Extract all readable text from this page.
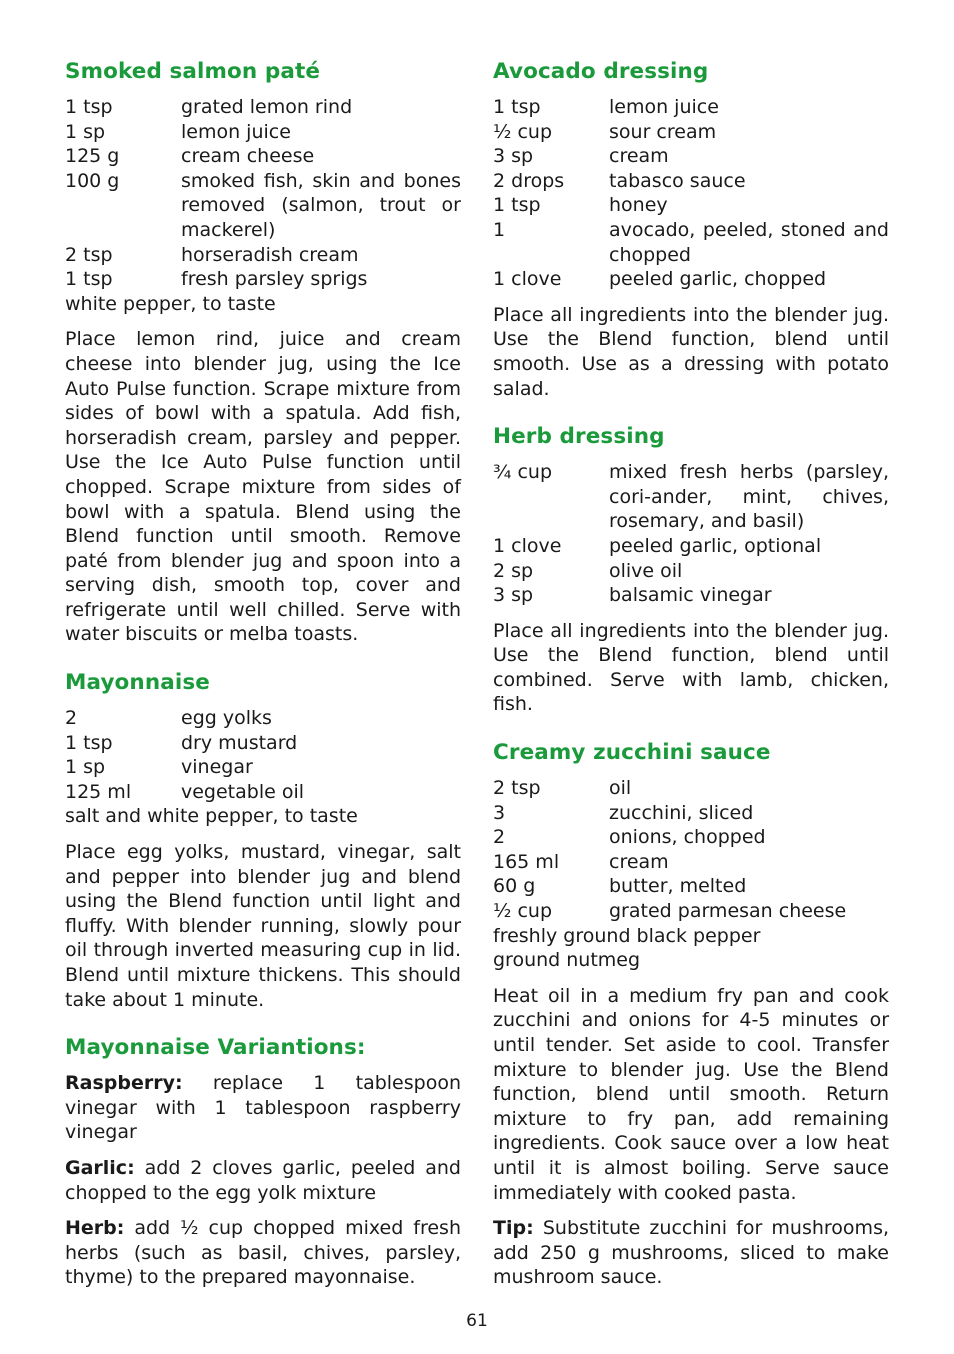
Smoked salmon paté
1 tsp	grated lemon rind
1 sp	lemon juice
125 g	cream cheese
100 g	smoked fish, skin and bones removed (salmon, trout or mackerel)
2 tsp	horseradish cream
1 tsp	fresh parsley sprigs
white pepper, to taste	

Place lemon rind, juice and cream cheese into blender jug, using the Ice Auto Pulse function. Scrape mixture from sides of bowl with a spatula. Add fish, horseradish cream, parsley and pepper. Use the Ice Auto Pulse function until chopped. Scrape mixture from sides of bowl with a spatula. Blend using the Blend function until smooth. Remove paté from blender jug and spoon into a serving dish, smooth top, cover and refrigerate until well chilled. Serve with water biscuits or melba toasts.

Mayonnaise
2	egg yolks
1 tsp	dry mustard
1 sp	vinegar
125 ml	vegetable oil
salt and white pepper, to taste	

Place egg yolks, mustard, vinegar, salt and pepper into blender jug and blend using the Blend function until light and fluffy. With blender running, slowly pour oil through inverted measuring cup in lid. Blend until mixture thickens. This should take about 1 minute.

Mayonnaise Variantions:

Raspberry: replace 1 tablespoon vinegar with 1 tablespoon raspberry vinegar

Garlic: add 2 cloves garlic, peeled and chopped to the egg yolk mixture

Herb: add ½ cup chopped mixed fresh herbs (such as basil, chives, parsley, thyme) to the prepared mayonnaise.

Avocado dressing
1 tsp	lemon juice
½ cup	sour cream
3 sp	cream
2 drops	tabasco sauce
1 tsp	honey
1	avocado, peeled, stoned and chopped
1 clove	peeled garlic, chopped

Place all ingredients into the blender jug. Use the Blend function, blend until smooth. Use as a dressing with potato salad.

Herb dressing
¾ cup	mixed fresh herbs (parsley, cori-ander, mint, chives, rosemary, and basil)
1 clove	peeled garlic, optional
2 sp	olive oil
3 sp	balsamic vinegar

Place all ingredients into the blender jug. Use the Blend function, blend until combined. Serve with lamb, chicken, fish.

Creamy zucchini sauce
2 tsp	oil
3	zucchini, sliced
2	onions, chopped
165 ml	cream
60 g	butter, melted
½ cup	grated parmesan cheese
freshly ground black pepper	
ground nutmeg	

Heat oil in a medium fry pan and cook zucchini and onions for 4-5 minutes or until tender. Set aside to cool. Transfer mixture to blender jug. Use the Blend function, blend until smooth. Return mixture to fry pan, add remaining ingredients. Cook sauce over a low heat until it is almost boiling. Serve sauce immediately with cooked pasta.

Tip: Substitute zucchini for mushrooms, add 250 g mushrooms, sliced to make mushroom sauce.

61
